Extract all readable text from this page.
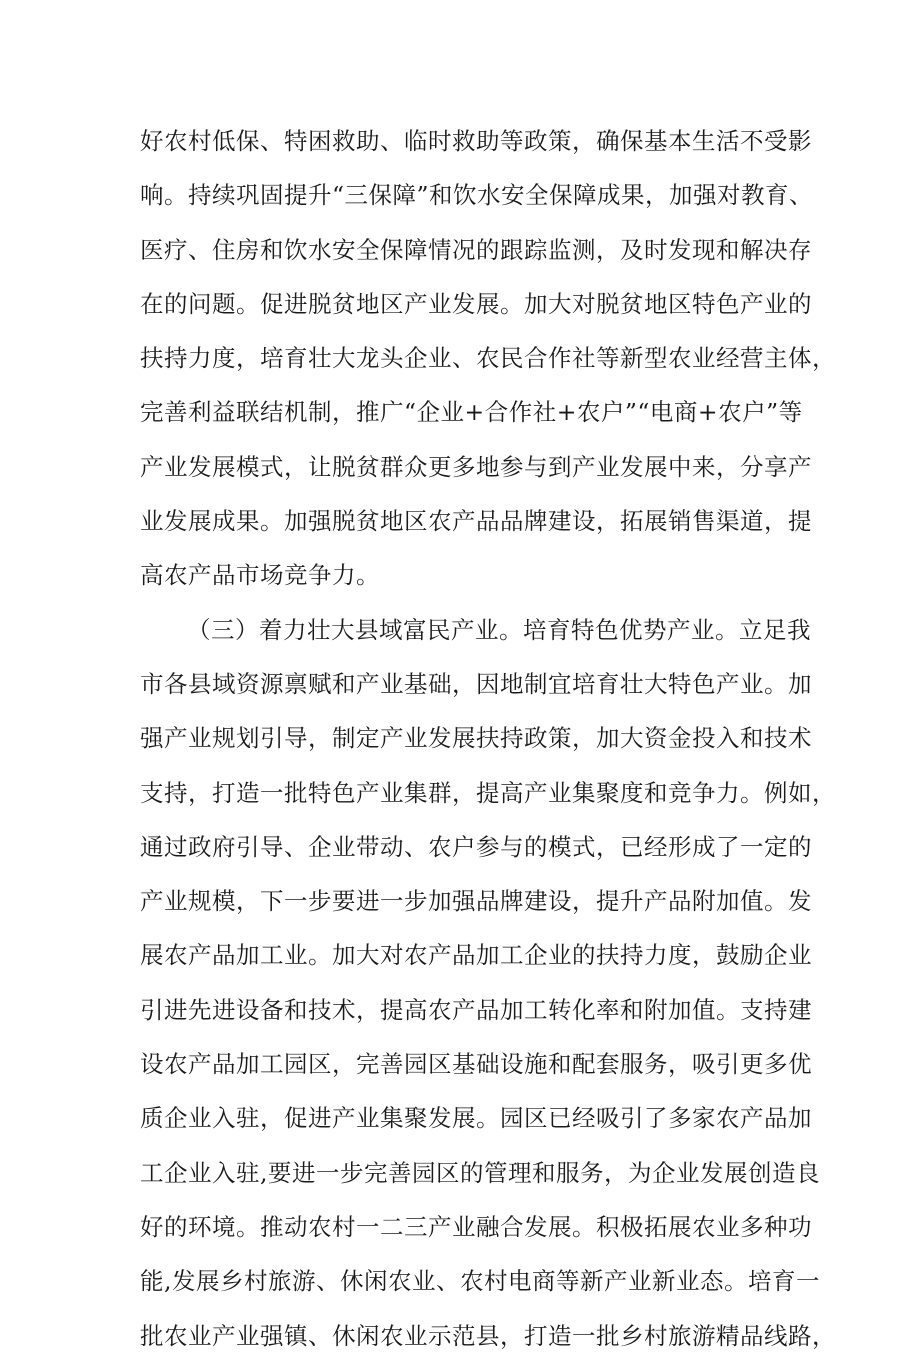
好农村低保、特困救助、临时救助等政策，确保基本生活不受影
响。持续巩固提升“三保障”和饮水安全保障成果，加强对教育、
医疗、住房和饮水安全保障情况的跟踪监测，及时发现和解决存
在的问题。促进脱贫地区产业发展。加大对脱贫地区特色产业的
扶持力度，培育壮大龙头企业、农民合作社等新型农业经营主体，
完善利益联结机制，推广“企业+合作社+农户”“电商+农户”等
产业发展模式，让脱贫群众更多地参与到产业发展中来，分享产
业发展成果。加强脱贫地区农产品品牌建设，拓展销售渠道，提
高农产品市场竞争力。
（三）着力壮大县域富民产业。培育特色优势产业。立足我
市各县域资源禀赋和产业基础，因地制宜培育壮大特色产业。加
强产业规划引导，制定产业发展扶持政策，加大资金投入和技术
支持，打造一批特色产业集群，提高产业集聚度和竞争力。例如，
通过政府引导、企业带动、农户参与的模式，已经形成了一定的
产业规模，下一步要进一步加强品牌建设，提升产品附加值。发
展农产品加工业。加大对农产品加工企业的扶持力度，鼓励企业
引进先进设备和技术，提高农产品加工转化率和附加值。支持建
设农产品加工园区，完善园区基础设施和配套服务，吸引更多优
质企业入驻，促进产业集聚发展。园区已经吸引了多家农产品加
工企业入驻,要进一步完善园区的管理和服务，为企业发展创造良
好的环境。推动农村一二三产业融合发展。积极拓展农业多种功
能,发展乡村旅游、休闲农业、农村电商等新产业新业态。培育一
批农业产业强镇、休闲农业示范县，打造一批乡村旅游精品线路，
